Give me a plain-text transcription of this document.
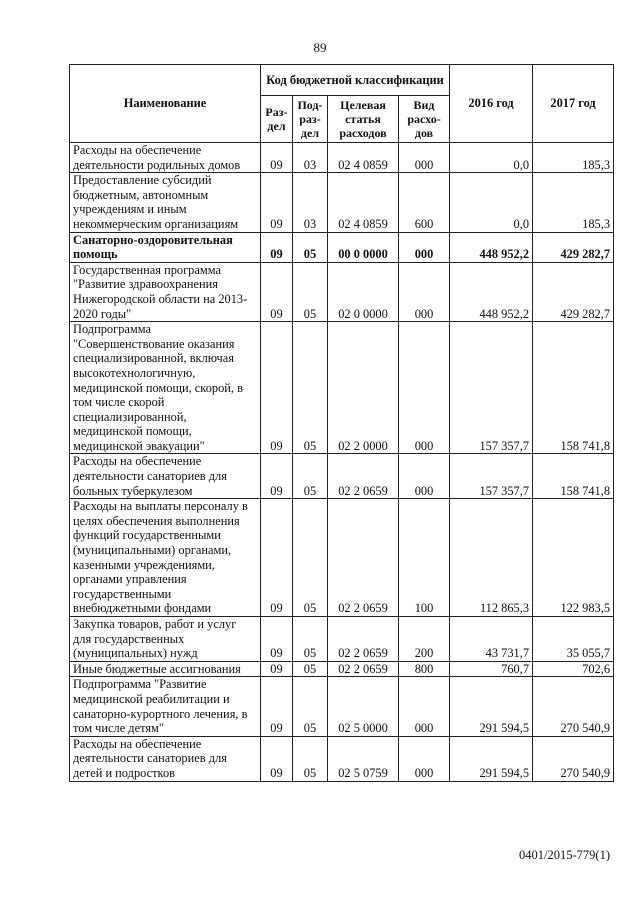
89
Наименование	Код бюджетной классификации				2016 год	2017 год
	Раз- дел	Под- раз- дел	Целевая статья расходов	Вид расхо- дов		
Расходы на обеспечение деятельности родильных домов	09	03	02 4 0859	000	0,0	185,3
Предоставление субсидий бюджетным, автономным учреждениям и иным некоммерческим организациям	09	03	02 4 0859	600	0,0	185,3
Санаторно-оздоровительная помощь	09	05	00 0 0000	000	448 952,2	429 282,7
Государственная программа "Развитие здравоохранения Нижегородской области на 2013-2020 годы"	09	05	02 0 0000	000	448 952,2	429 282,7
Подпрограмма "Совершенствование оказания специализированной, включая высокотехнологичную, медицинской помощи, скорой, в том числе скорой специализированной, медицинской помощи, медицинской эвакуации"	09	05	02 2 0000	000	157 357,7	158 741,8
Расходы на обеспечение деятельности санаториев для больных туберкулезом	09	05	02 2 0659	000	157 357,7	158 741,8
Расходы на выплаты персоналу в целях обеспечения выполнения функций государственными (муниципальными) органами, казенными учреждениями, органами управления государственными внебюджетными фондами	09	05	02 2 0659	100	112 865,3	122 983,5
Закупка товаров, работ и услуг для государственных (муниципальных) нужд	09	05	02 2 0659	200	43 731,7	35 055,7
Иные бюджетные ассигнования	09	05	02 2 0659	800	760,7	702,6
Подпрограмма "Развитие медицинской реабилитации и санаторно-курортного лечения, в том числе детям"	09	05	02 5 0000	000	291 594,5	270 540,9
Расходы на обеспечение деятельности санаториев для детей и подростков	09	05	02 5 0759	000	291 594,5	270 540,9
0401/2015-779(1)
